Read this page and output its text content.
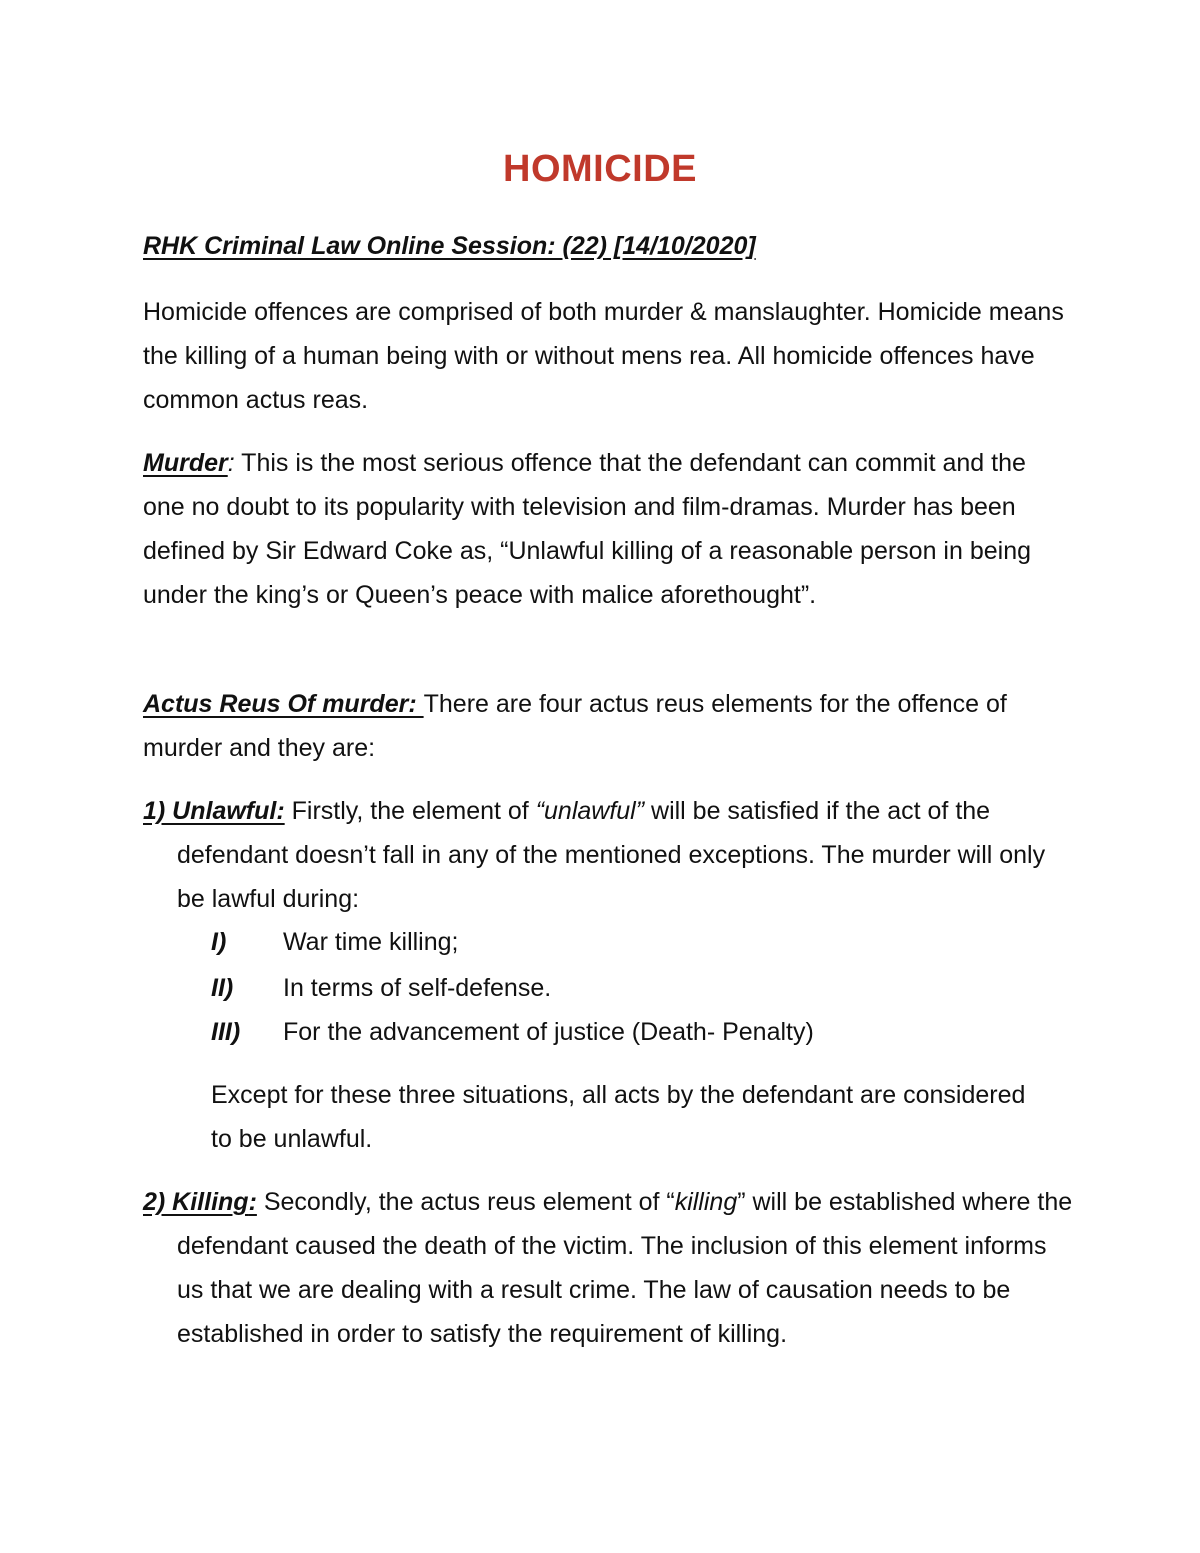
HOMICIDE
RHK Criminal Law Online Session: (22) [14/10/2020]
Homicide offences are comprised of both murder & manslaughter. Homicide means the killing of a human being with or without mens rea. All homicide offences have common actus reas.
Murder: This is the most serious offence that the defendant can commit and the one no doubt to its popularity with television and film-dramas. Murder has been defined by Sir Edward Coke as, “Unlawful killing of a reasonable person in being under the king’s or Queen’s peace with malice aforethought”.
Actus Reus Of murder: There are four actus reus elements for the offence of murder and they are:
1) Unlawful: Firstly, the element of “unlawful” will be satisfied if the act of the defendant doesn’t fall in any of the mentioned exceptions. The murder will only be lawful during:
I) War time killing;
II) In terms of self-defense.
III) For the advancement of justice (Death- Penalty)
Except for these three situations, all acts by the defendant are considered to be unlawful.
2) Killing: Secondly, the actus reus element of “killing” will be established where the defendant caused the death of the victim. The inclusion of this element informs us that we are dealing with a result crime. The law of causation needs to be established in order to satisfy the requirement of killing.
